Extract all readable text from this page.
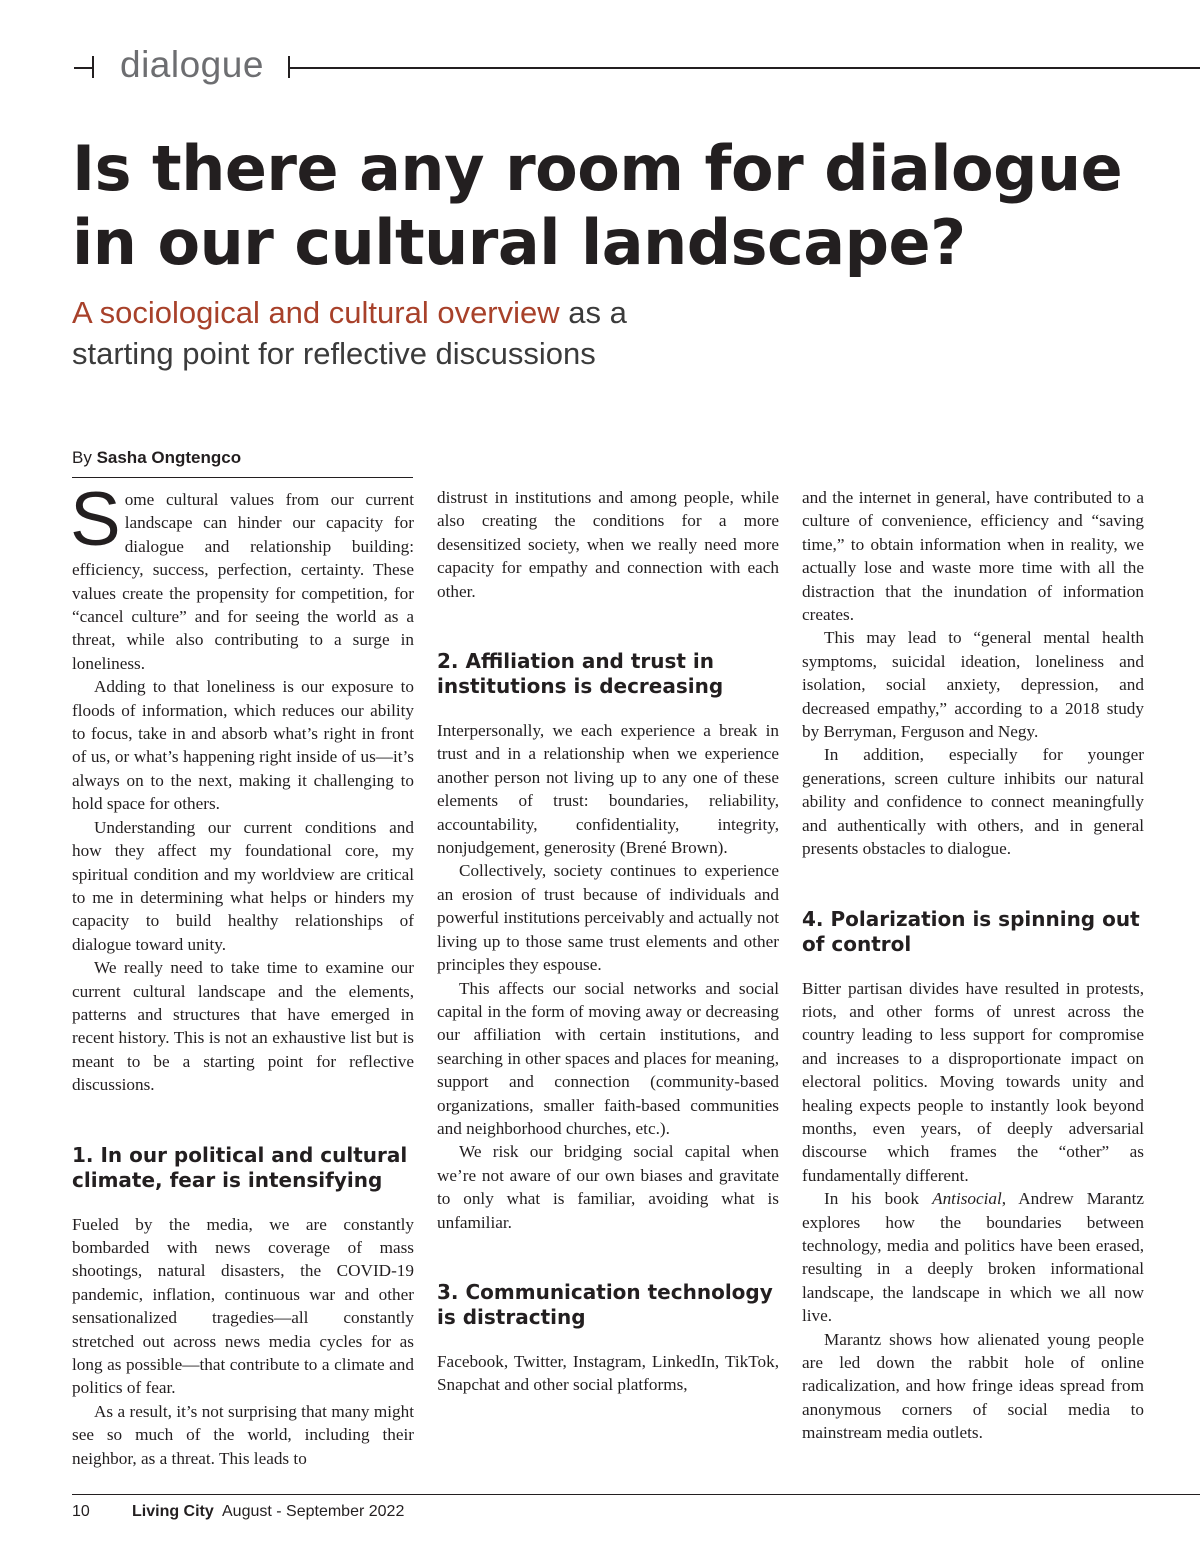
dialogue
Is there any room for dialogue
in our cultural landscape?
A sociological and cultural overview as a
starting point for reflective discussions
By Sasha Ongtengco

Some cultural values from our current landscape can hinder our capacity for dialogue and relationship building: efficiency, success, perfection, certainty. These values create the propensity for competition, for “cancel culture” and for seeing the world as a threat, while also contributing to a surge in loneliness.

Adding to that loneliness is our exposure to floods of information, which reduces our ability to focus, take in and absorb what’s right in front of us, or what’s happening right inside of us—it’s always on to the next, making it challenging to hold space for others.

Understanding our current conditions and how they affect my foundational core, my spiritual condition and my worldview are critical to me in determining what helps or hinders my capacity to build healthy relationships of dialogue toward unity.

We really need to take time to examine our current cultural landscape and the elements, patterns and structures that have emerged in recent history. This is not an exhaustive list but is meant to be a starting point for reflective discussions.

1. In our political and cultural climate, fear is intensifying

Fueled by the media, we are constantly bombarded with news coverage of mass shootings, natural disasters, the COVID-19 pandemic, inflation, continuous war and other sensationalized tragedies—all constantly stretched out across news media cycles for as long as possible—that contribute to a climate and politics of fear.

As a result, it’s not surprising that many might see so much of the world, including their neighbor, as a threat. This leads to

distrust in institutions and among people, while also creating the conditions for a more desensitized society, when we really need more capacity for empathy and connection with each other.

2. Affiliation and trust in institutions is decreasing

Interpersonally, we each experience a break in trust and in a relationship when we experience another person not living up to any one of these elements of trust: boundaries, reliability, accountability, confidentiality, integrity, nonjudgement, generosity (Brené Brown).

Collectively, society continues to experience an erosion of trust because of individuals and powerful institutions perceivably and actually not living up to those same trust elements and other principles they espouse.

This affects our social networks and social capital in the form of moving away or decreasing our affiliation with certain institutions, and searching in other spaces and places for meaning, support and connection (community-based organizations, smaller faith-based communities and neighborhood churches, etc.).

We risk our bridging social capital when we’re not aware of our own biases and gravitate to only what is familiar, avoiding what is unfamiliar.

3. Communication technology is distracting

Facebook, Twitter, Instagram, LinkedIn, TikTok, Snapchat and other social platforms,

and the internet in general, have contributed to a culture of convenience, efficiency and “saving time,” to obtain information when in reality, we actually lose and waste more time with all the distraction that the inundation of information creates.

This may lead to “general mental health symptoms, suicidal ideation, loneliness and isolation, social anxiety, depression, and decreased empathy,” according to a 2018 study by Berryman, Ferguson and Negy.

In addition, especially for younger generations, screen culture inhibits our natural ability and confidence to connect meaningfully and authentically with others, and in general presents obstacles to dialogue.

4. Polarization is spinning out of control

Bitter partisan divides have resulted in protests, riots, and other forms of unrest across the country leading to less support for compromise and increases to a disproportionate impact on electoral politics. Moving towards unity and healing expects people to instantly look beyond months, even years, of deeply adversarial discourse which frames the “other” as fundamentally different.

In his book Antisocial, Andrew Marantz explores how the boundaries between technology, media and politics have been erased, resulting in a deeply broken informational landscape, the landscape in which we all now live.

Marantz shows how alienated young people are led down the rabbit hole of online radicalization, and how fringe ideas spread from anonymous corners of social media to mainstream media outlets.

10	Living City August - September 2022
